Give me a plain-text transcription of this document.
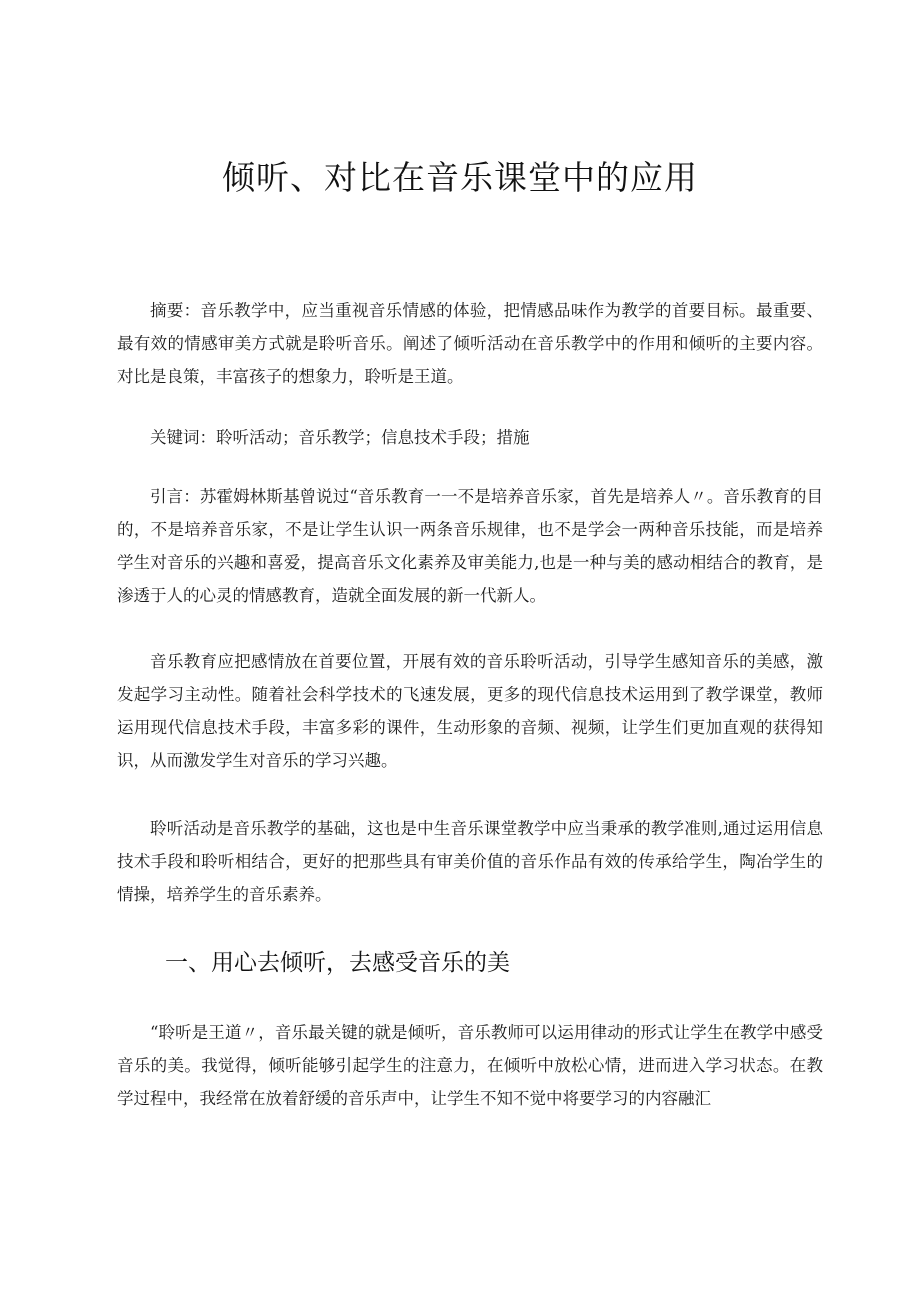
倾听、对比在音乐课堂中的应用

摘要：音乐教学中，应当重视音乐情感的体验，把情感品味作为教学的首要目标。最重要、最有效的情感审美方式就是聆听音乐。阐述了倾听活动在音乐教学中的作用和倾听的主要内容。对比是良策，丰富孩子的想象力，聆听是王道。

关键词：聆听活动；音乐教学；信息技术手段；措施

引言：苏霍姆林斯基曾说过“音乐教育一一不是培养音乐家，首先是培养人〃。音乐教育的目的，不是培养音乐家，不是让学生认识一两条音乐规律，也不是学会一两种音乐技能，而是培养学生对音乐的兴趣和喜爱，提高音乐文化素养及审美能力,也是一种与美的感动相结合的教育，是渗透于人的心灵的情感教育，造就全面发展的新一代新人。

音乐教育应把感情放在首要位置，开展有效的音乐聆听活动，引导学生感知音乐的美感，激发起学习主动性。随着社会科学技术的飞速发展，更多的现代信息技术运用到了教学课堂，教师运用现代信息技术手段，丰富多彩的课件，生动形象的音频、视频，让学生们更加直观的获得知识，从而激发学生对音乐的学习兴趣。

聆听活动是音乐教学的基础，这也是中生音乐课堂教学中应当秉承的教学准则,通过运用信息技术手段和聆听相结合，更好的把那些具有审美价值的音乐作品有效的传承给学生，陶冶学生的情操，培养学生的音乐素养。

一、用心去倾听，去感受音乐的美

“聆听是王道〃，音乐最关键的就是倾听，音乐教师可以运用律动的形式让学生在教学中感受音乐的美。我觉得，倾听能够引起学生的注意力，在倾听中放松心情，进而进入学习状态。在教学过程中，我经常在放着舒缓的音乐声中，让学生不知不觉中将要学习的内容融汇
